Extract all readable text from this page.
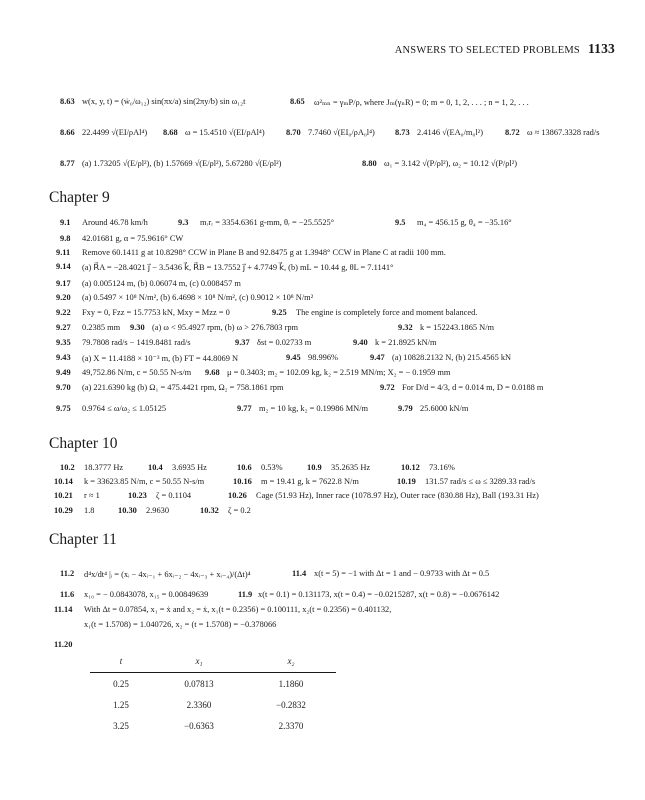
ANSWERS TO SELECTED PROBLEMS 1133
8.63 w(x, y, t) = (ẇ₀/ω₁₂) sin(πx/a) sin(2πy/b) sin ω₁₂t	8.65 ω²ₘₙ = γₘP/ρ, where Jₘ(γₙR) = 0; m = 0, 1, 2, . . . ; n = 1, 2, . . .
8.66 22.4499 √(EI/ρAl⁴) 8.68 ω = 15.4510 √(EI/ρAl⁴)	8.70 7.7460 √(EI₀/ρA₀l⁴) 8.73 2.4146 √(EA₀/m₀l²)	8.72 ω ≈ 13867.3328 rad/s
8.77 (a) 1.73205 √(E/ρl²), (b) 1.57669 √(E/ρl²), 5.67280 √(E/ρl²)	8.80 ω₁ = 3.142 √(P/ρl²), ω₂ = 10.12 √(P/ρl²)
Chapter 9
9.1 Around 46.78 km/h	9.3 mᵣrᵣ = 3354.6361 g-mm, θᵣ = −25.5525°	9.5 m₄ = 456.15 g, θ₄ = −35.16°
9.8 42.01681 g, α = 75.9616° CW
9.11 Remove 60.1411 g at 10.8298° CCW in Plane B and 92.8475 g at 1.3948° CCW in Plane C at radii 100 mm.
9.14 (a) R⃗A = −28.4021 j⃗ − 3.5436 k⃗, R⃗B = 13.7552 j⃗ + 4.7749 k⃗, (b) mL = 10.44 g, θL = 7.1141°
9.17 (a) 0.005124 m, (b) 0.06074 m, (c) 0.008457 m
9.20 (a) 0.5497 × 10⁸ N/m², (b) 6.4698 × 10⁸ N/m², (c) 0.9012 × 10⁸ N/m²
9.22 Fxy = 0, Fzz = 15.7753 kN, Mxy = Mzz = 0	9.25 The engine is completely force and moment balanced.
9.27 0.2385 mm 9.30 (a) ω < 95.4927 rpm, (b) ω > 276.7803 rpm	9.32 k = 152243.1865 N/m
9.35 79.7808 rad/s − 1419.8481 rad/s	9.37 δst = 0.02733 m	9.40 k = 21.8925 kN/m
9.43 (a) X = 11.4188 × 10⁻³ m, (b) FT = 44.8069 N	9.45 98.996%	9.47 (a) 10828.2132 N, (b) 215.4565 kN
9.49 49,752.86 N/m, c = 50.55 N-s/m 9.68 μ = 0.3403; m₂ = 102.09 kg, k₂ = 2.519 MN/m; X₂ = − 0.1959 mm
9.70 (a) 221.6390 kg (b) Ω₁ = 475.4421 rpm, Ω₂ = 758.1861 rpm	9.72 For D/d = 4/3, d = 0.014 m, D = 0.0188 m
9.75 0.9764 ≤ ω/ω₂ ≤ 1.05125	9.77 m₂ = 10 kg, k₂ = 0.19986 MN/m	9.79 25.6000 kN/m
Chapter 10
10.2 18.3777 Hz	10.4 3.6935 Hz	10.6 0.53%	10.9 35.2635 Hz	10.12 73.16%
10.14 k = 33623.85 N/m, c = 50.55 N-s/m	10.16 m = 19.41 g, k = 7622.8 N/m	10.19 131.57 rad/s ≤ ω ≤ 3289.33 rad/s
10.21 r ≈ 1	10.23 ζ = 0.1104	10.26 Cage (51.93 Hz), Inner race (1078.97 Hz), Outer race (830.88 Hz), Ball (193.31 Hz)
10.29 1.8	10.30 2.9630	10.32 ζ = 0.2
Chapter 11
11.2 d⁴x/dt⁴ |ᵢ = (xᵢ − 4xᵢ₋₁ + 6xᵢ₋₂ − 4xᵢ₋₃ + xᵢ₋₄)/(Δt)⁴	11.4 x(t = 5) = −1 with Δt = 1 and − 0.9733 with Δt = 0.5
11.6 x₁₀ = − 0.0843078, x₁₅ = 0.00849639	11.9 x(t = 0.1) = 0.131173, x(t = 0.4) = −0.0215287, x(t = 0.8) = −0.0676142
11.14 With Δt = 0.07854, x₁ = ẋ and x₂ = ẋ, x₁(t = 0.2356) = 0.100111, x₂(t = 0.2356) = 0.401132,
x₁(t = 1.5708) = 1.040726, x₂ = (t = 1.5708) = −0.378066
11.20
t	x₁	x₂
0.25	0.07813	1.1860
1.25	2.3360	−0.2832
3.25	−0.6363	2.3370
